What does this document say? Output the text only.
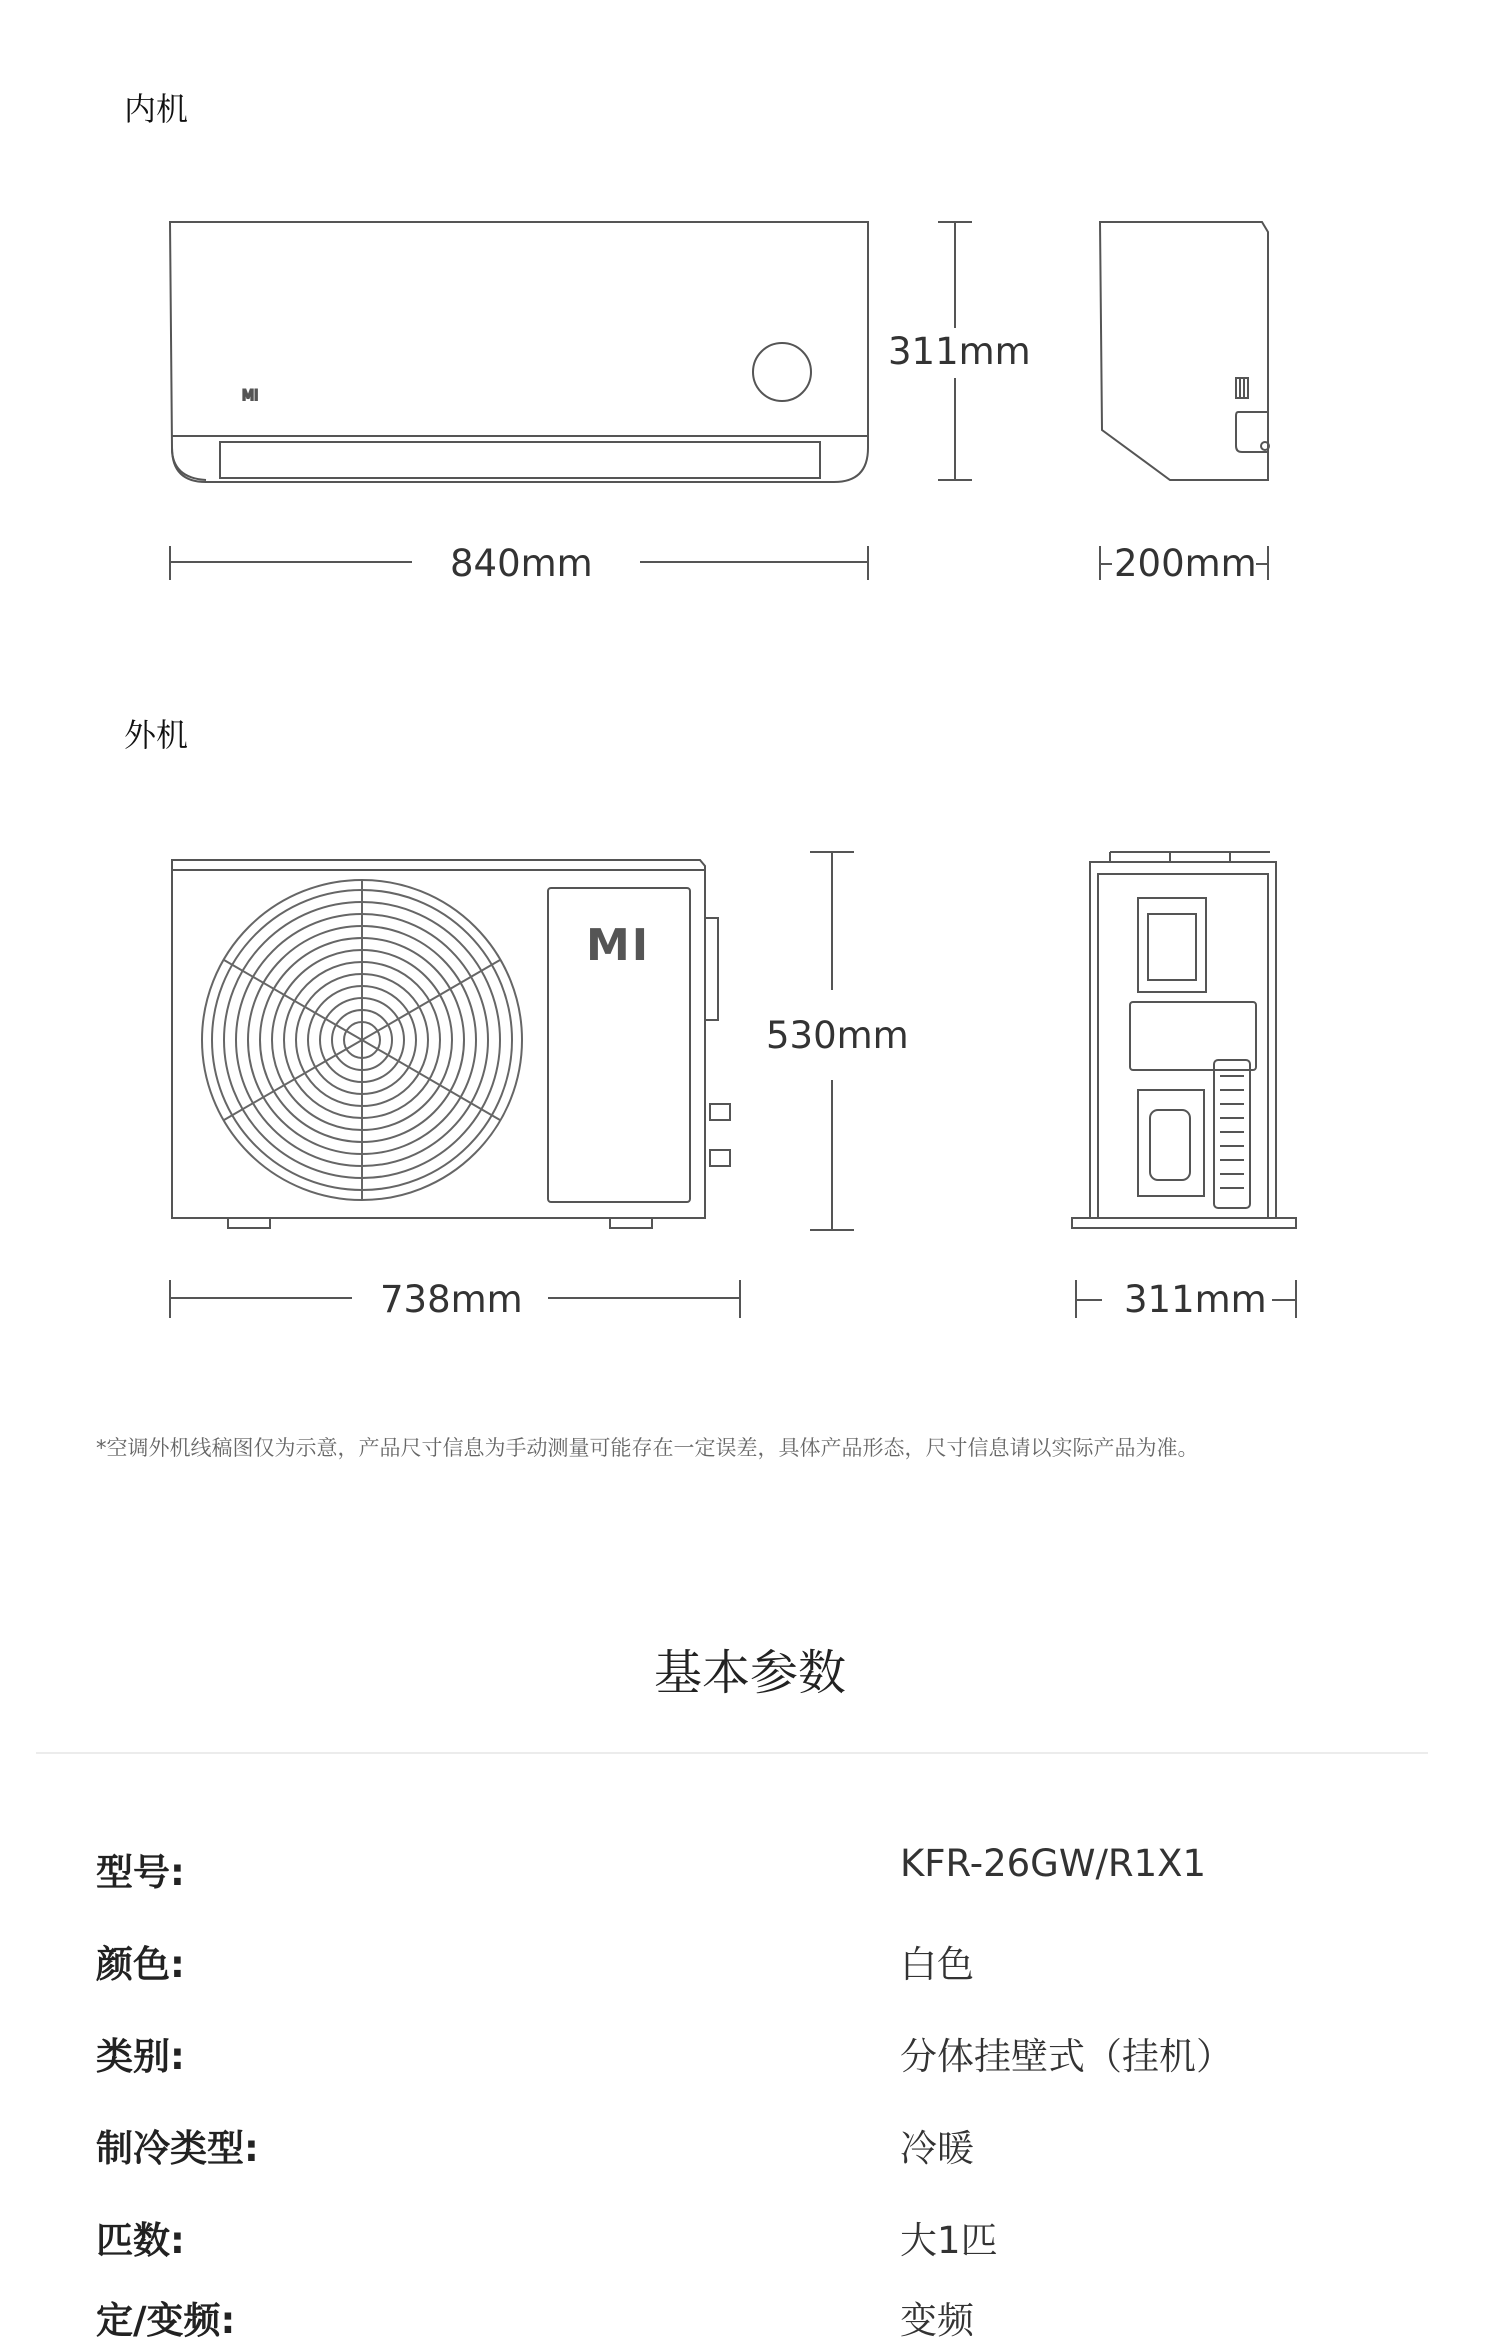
内机
MI
MI
311mm
840mm	200mm
530mm
738mm	311mm
外机
*空调外机线稿图仅为示意，产品尺寸信息为手动测量可能存在一定误差，具体产品形态，尺寸信息请以实际产品为准。
基本参数
型号:	KFR-26GW/R1X1
颜色:	白色
类别:	分体挂壁式（挂机）
制冷类型:	冷暖
匹数:	大1匹
定/变频:	变频
